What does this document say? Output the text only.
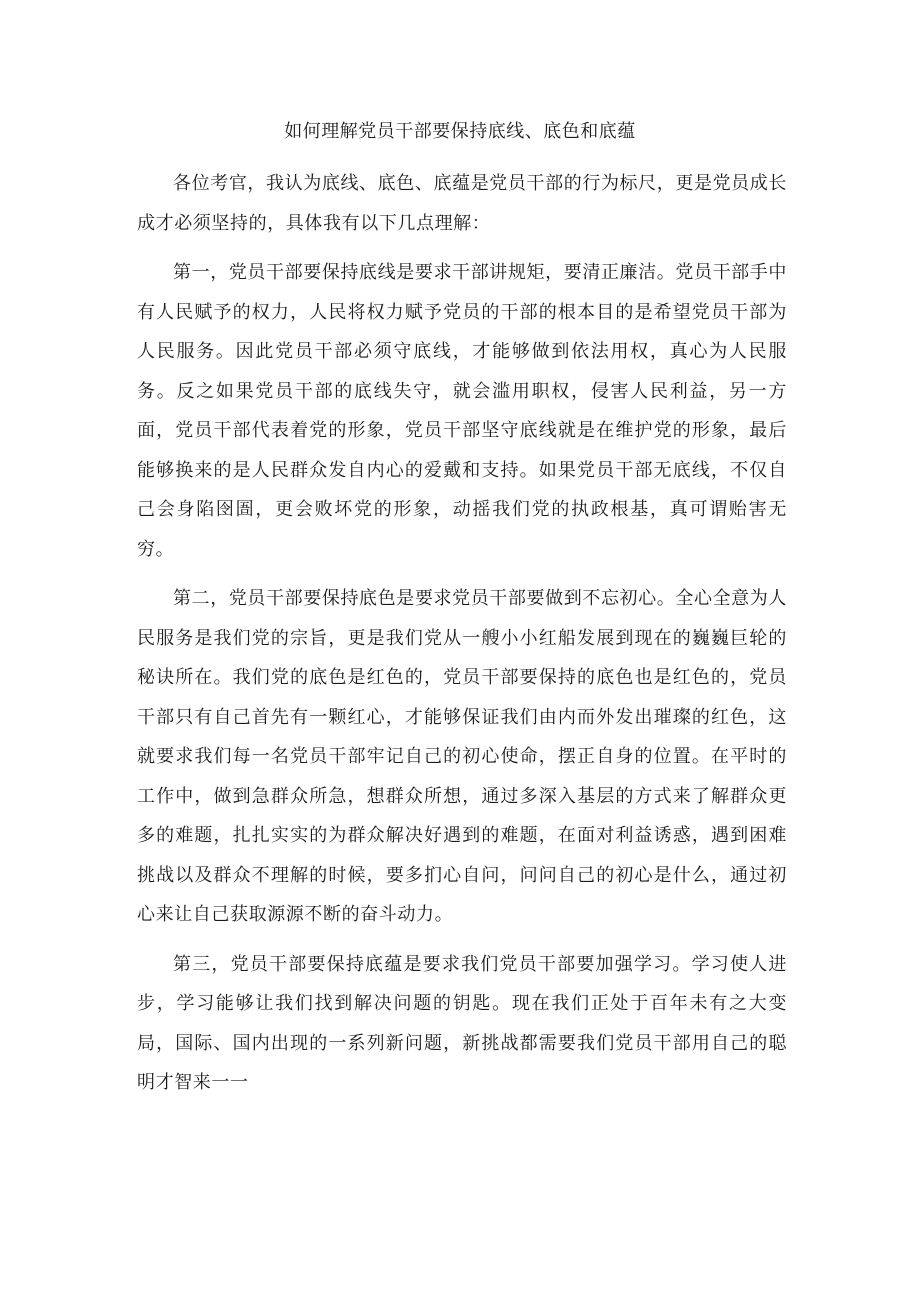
如何理解党员干部要保持底线、底色和底蕴

各位考官，我认为底线、底色、底蕴是党员干部的行为标尺，更是党员成长成才必须坚持的，具体我有以下几点理解：

第一，党员干部要保持底线是要求干部讲规矩，要清正廉洁。党员干部手中有人民赋予的权力，人民将权力赋予党员的干部的根本目的是希望党员干部为人民服务。因此党员干部必须守底线，才能够做到依法用权，真心为人民服务。反之如果党员干部的底线失守，就会滥用职权，侵害人民利益，另一方面，党员干部代表着党的形象，党员干部坚守底线就是在维护党的形象，最后能够换来的是人民群众发自内心的爱戴和支持。如果党员干部无底线，不仅自己会身陷囹圄，更会败坏党的形象，动摇我们党的执政根基，真可谓贻害无穷。

第二，党员干部要保持底色是要求党员干部要做到不忘初心。全心全意为人民服务是我们党的宗旨，更是我们党从一艘小小红船发展到现在的巍巍巨轮的秘诀所在。我们党的底色是红色的，党员干部要保持的底色也是红色的，党员干部只有自己首先有一颗红心，才能够保证我们由内而外发出璀璨的红色，这就要求我们每一名党员干部牢记自己的初心使命，摆正自身的位置。在平时的工作中，做到急群众所急，想群众所想，通过多深入基层的方式来了解群众更多的难题，扎扎实实的为群众解决好遇到的难题，在面对利益诱惑，遇到困难挑战以及群众不理解的时候，要多扪心自问，问问自己的初心是什么，通过初心来让自己获取源源不断的奋斗动力。

第三，党员干部要保持底蕴是要求我们党员干部要加强学习。学习使人进步，学习能够让我们找到解决问题的钥匙。现在我们正处于百年未有之大变局，国际、国内出现的一系列新问题，新挑战都需要我们党员干部用自己的聪明才智来一一
